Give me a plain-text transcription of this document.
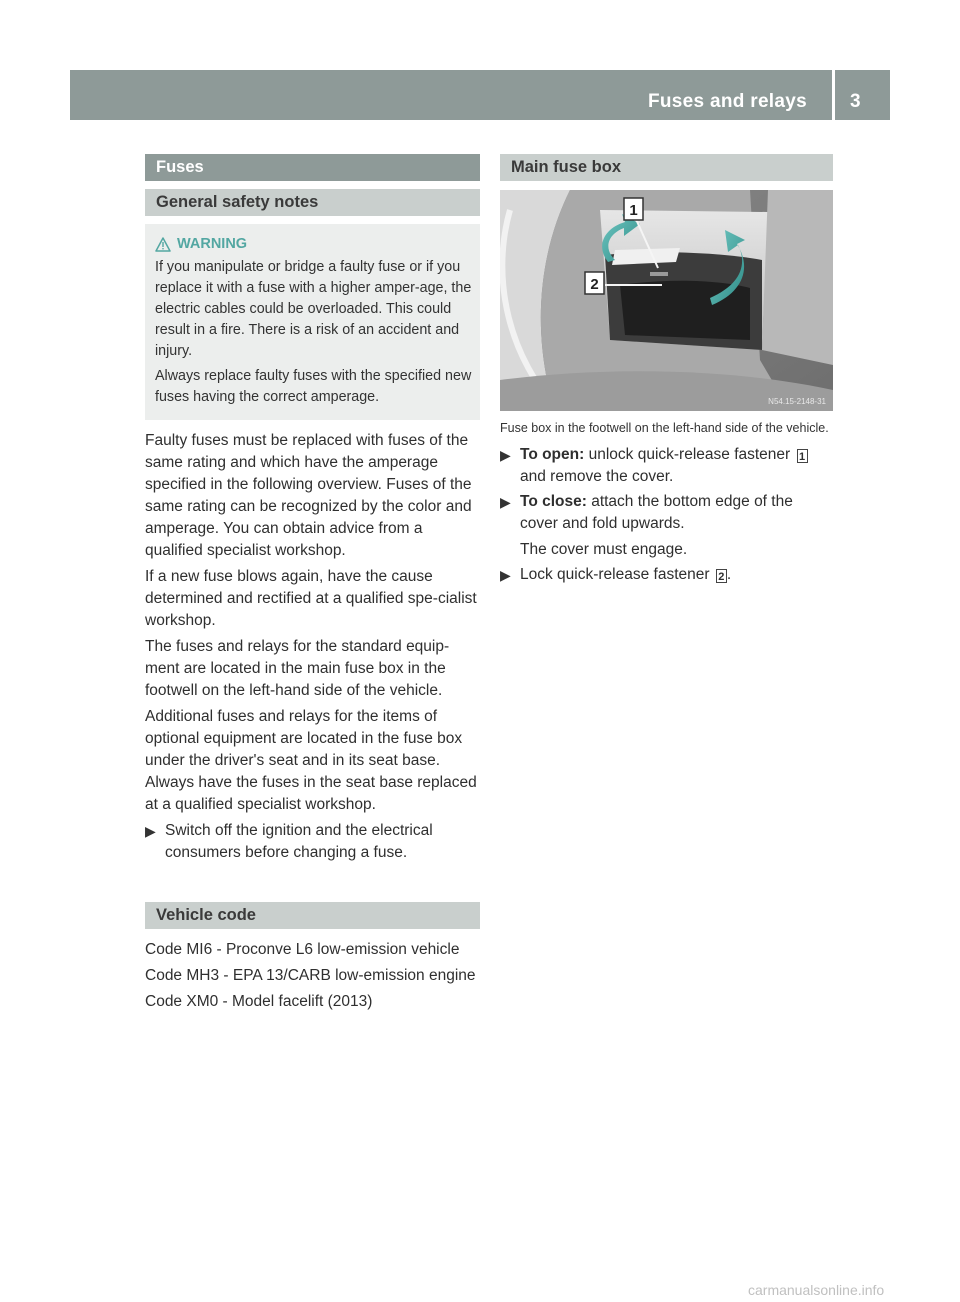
Fuses and relays 3
Fuses
General safety notes
WARNING

If you manipulate or bridge a faulty fuse or if you replace it with a fuse with a higher amper-age, the electric cables could be overloaded. This could result in a fire. There is a risk of an accident and injury.

Always replace faulty fuses with the specified new fuses having the correct amperage.

Faulty fuses must be replaced with fuses of the same rating and which have the amperage specified in the following overview. Fuses of the same rating can be recognized by the color and amperage. You can obtain advice from a qualified specialist workshop.

If a new fuse blows again, have the cause determined and rectified at a qualified spe-cialist workshop.

The fuses and relays for the standard equip-ment are located in the main fuse box in the footwell on the left-hand side of the vehicle.

Additional fuses and relays for the items of optional equipment are located in the fuse box under the driver's seat and in its seat base. Always have the fuses in the seat base replaced at a qualified specialist workshop.

▶ Switch off the ignition and the electrical consumers before changing a fuse.
Vehicle code

Code MI6 - Proconve L6 low-emission vehicle

Code MH3 - EPA 13/CARB low-emission engine

Code XM0 - Model facelift (2013)

Main fuse box
1
2
N54.15-2148-31
Fuse box in the footwell on the left-hand side of the vehicle.
▶ To open: unlock quick-release fastener 1 and remove the cover.
▶ To close: attach the bottom edge of the cover and fold upwards.
The cover must engage.
▶ Lock quick-release fastener 2 .
carmanualsonline.info
